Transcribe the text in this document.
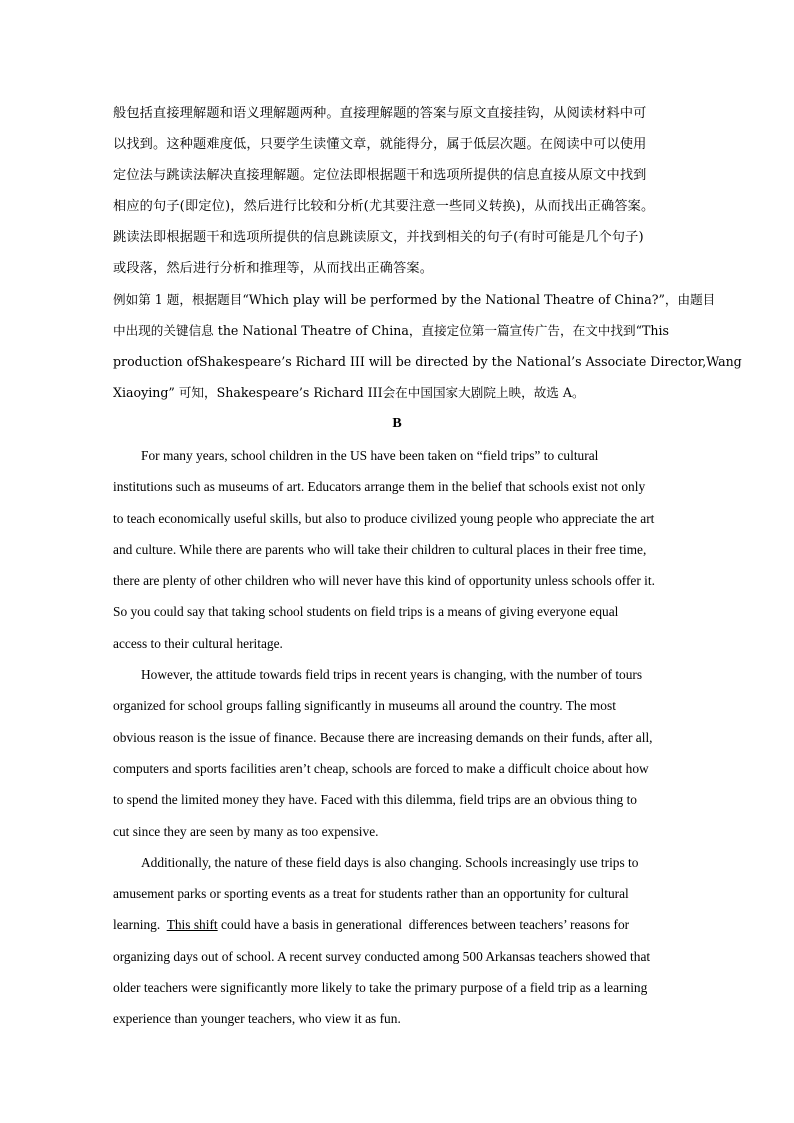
般包括直接理解题和语义理解题两种。直接理解题的答案与原文直接挂钩，从阅读材料中可
以找到。这种题难度低，只要学生读懂文章，就能得分，属于低层次题。在阅读中可以使用
定位法与跳读法解决直接理解题。定位法即根据题干和选项所提供的信息直接从原文中找到
相应的句子(即定位)，然后进行比较和分析(尤其要注意一些同义转换)，从而找出正确答案。
跳读法即根据题干和选项所提供的信息跳读原文，并找到相关的句子(有时可能是几个句子)
或段落，然后进行分析和推理等，从而找出正确答案。
例如第 1 题，根据题目“Which play will be performed by the National Theatre of China?”，由题目
中出现的关键信息 the National Theatre of China，直接定位第一篇宣传广告，在文中找到“This
production ofShakespeare’s Richard III will be directed by the National’s Associate Director,Wang
Xiaoying” 可知，Shakespeare’s Richard III会在中国国家大剧院上映，故选 A。
B
For many years, school children in the US have been taken on “field trips” to cultural
institutions such as museums of art. Educators arrange them in the belief that schools exist not only
to teach economically useful skills, but also to produce civilized young people who appreciate the art
and culture. While there are parents who will take their children to cultural places in their free time,
there are plenty of other children who will never have this kind of opportunity unless schools offer it.
So you could say that taking school students on field trips is a means of giving everyone equal
access to their cultural heritage.
However, the attitude towards field trips in recent years is changing, with the number of tours
organized for school groups falling significantly in museums all around the country. The most
obvious reason is the issue of finance. Because there are increasing demands on their funds, after all,
computers and sports facilities aren’t cheap, schools are forced to make a difficult choice about how
to spend the limited money they have. Faced with this dilemma, field trips are an obvious thing to
cut since they are seen by many as too expensive.
Additionally, the nature of these field days is also changing. Schools increasingly use trips to
amusement parks or sporting events as a treat for students rather than an opportunity for cultural
learning.  This shift could have a basis in generational  differences between teachers’ reasons for
organizing days out of school. A recent survey conducted among 500 Arkansas teachers showed that
older teachers were significantly more likely to take the primary purpose of a field trip as a learning
experience than younger teachers, who view it as fun.
